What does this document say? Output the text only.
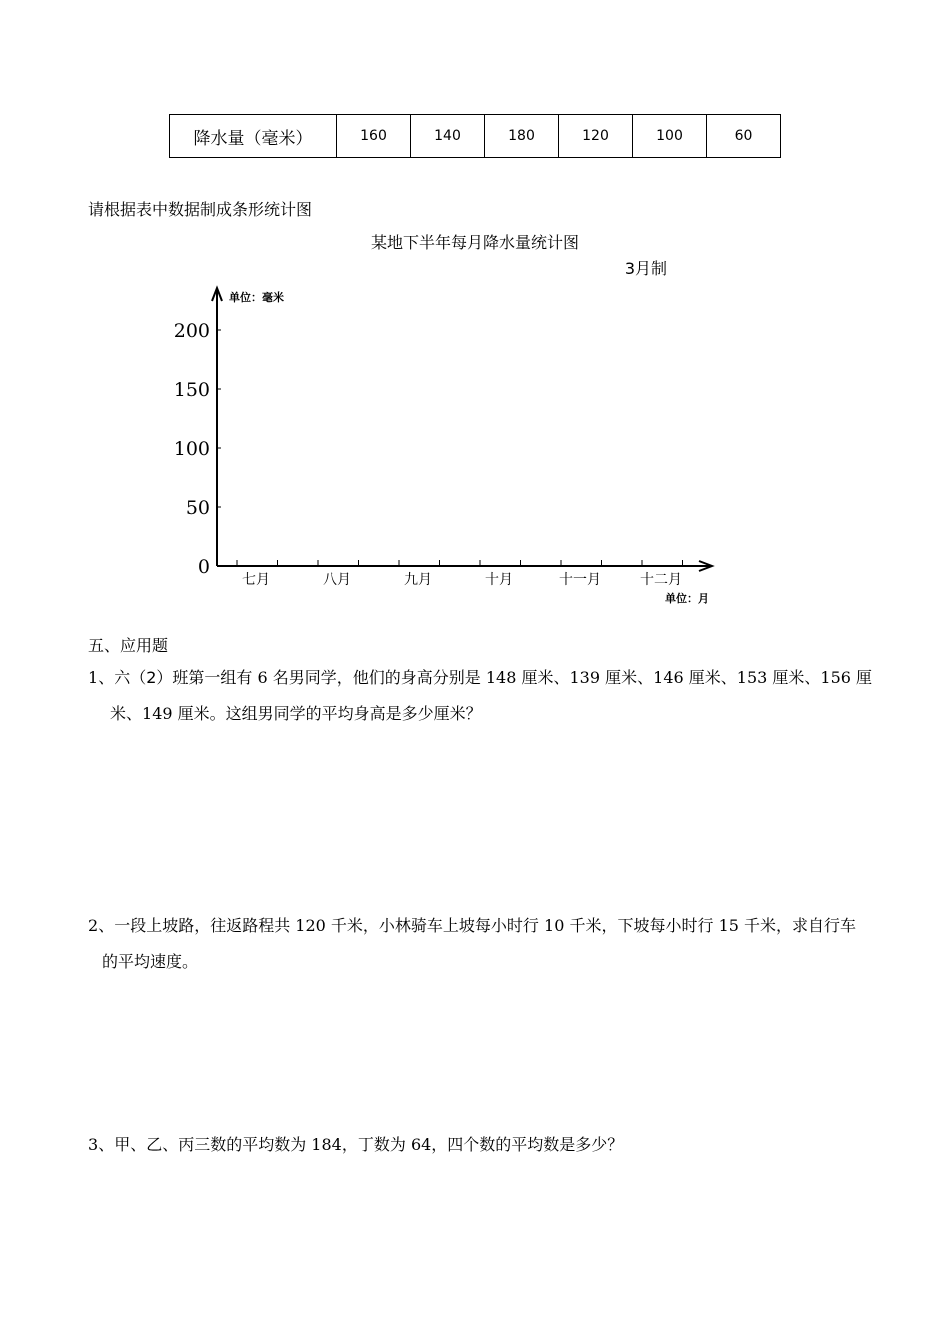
降水量（毫米）	160	140	180	120	100	60
请根据表中数据制成条形统计图
某地下半年每月降水量统计图
3月制
单位：毫米
单位：月
0
50
100
150
200
七月	八月	九月	十月	十一月	十二月
五、应用题
1、六（2）班第一组有 6 名男同学，他们的身高分别是 148 厘米、139 厘米、146 厘米、153 厘米、156 厘
米、149 厘米。这组男同学的平均身高是多少厘米？
2、一段上坡路，往返路程共 120 千米，小林骑车上坡每小时行 10 千米，下坡每小时行 15 千米，求自行车
的平均速度。
3、甲、乙、丙三数的平均数为 184，丁数为 64，四个数的平均数是多少？
